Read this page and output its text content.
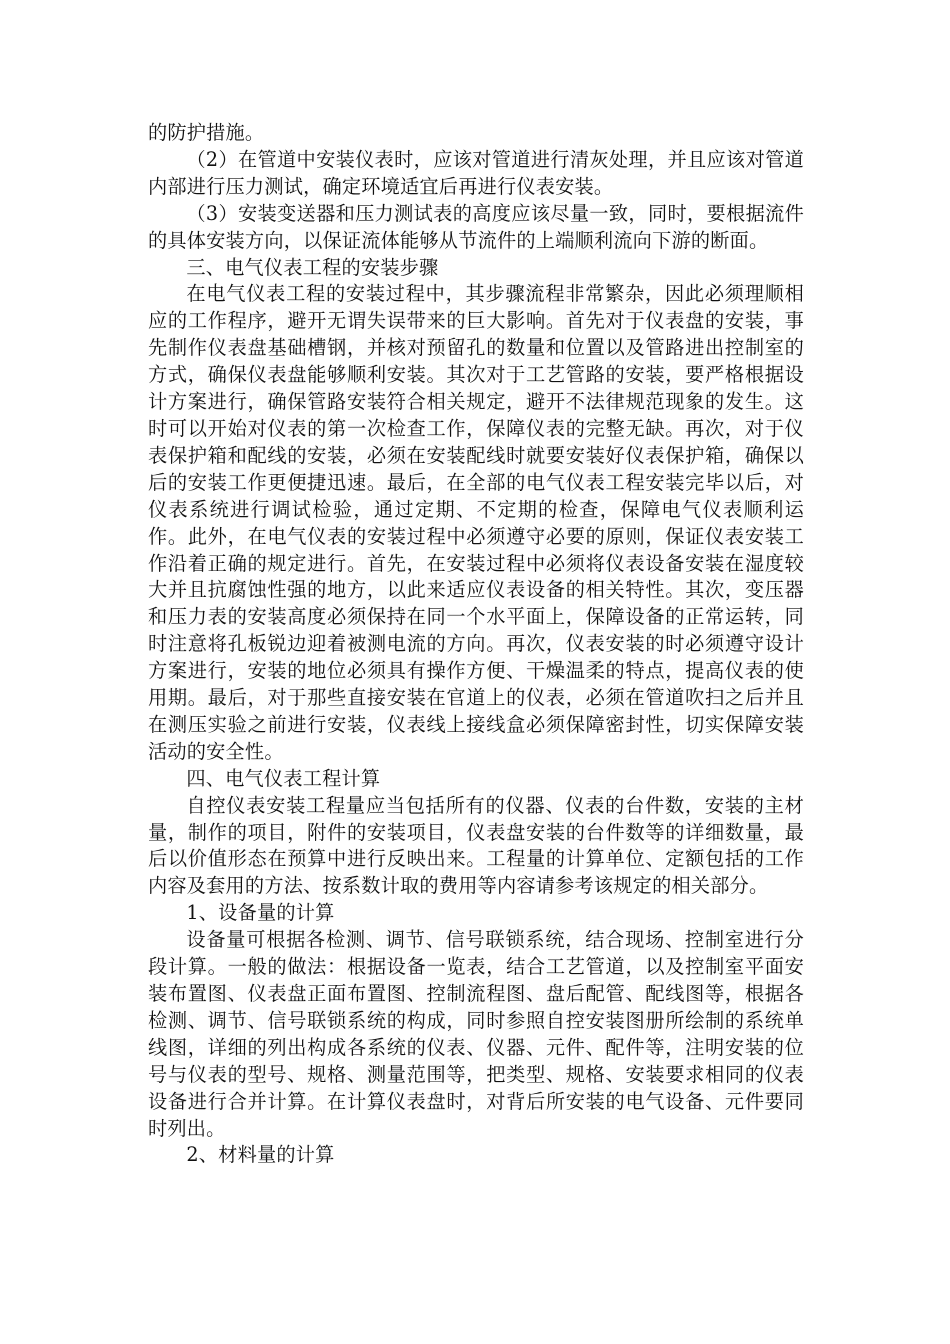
的防护措施。

（2）在管道中安装仪表时，应该对管道进行清灰处理，并且应该对管道内部进行压力测试，确定环境适宜后再进行仪表安装。

（3）安装变送器和压力测试表的高度应该尽量一致，同时，要根据流件的具体安装方向，以保证流体能够从节流件的上端顺利流向下游的断面。

三、电气仪表工程的安装步骤

在电气仪表工程的安装过程中，其步骤流程非常繁杂，因此必须理顺相应的工作程序，避开无谓失误带来的巨大影响。首先对于仪表盘的安装，事先制作仪表盘基础槽钢，并核对预留孔的数量和位置以及管路进出控制室的方式，确保仪表盘能够顺利安装。其次对于工艺管路的安装，要严格根据设计方案进行，确保管路安装符合相关规定，避开不法律规范现象的发生。这时可以开始对仪表的第一次检查工作，保障仪表的完整无缺。再次，对于仪表保护箱和配线的安装，必须在安装配线时就要安装好仪表保护箱，确保以后的安装工作更便捷迅速。最后，在全部的电气仪表工程安装完毕以后，对仪表系统进行调试检验，通过定期、不定期的检查，保障电气仪表顺利运作。此外，在电气仪表的安装过程中必须遵守必要的原则，保证仪表安装工作沿着正确的规定进行。首先，在安装过程中必须将仪表设备安装在湿度较大并且抗腐蚀性强的地方，以此来适应仪表设备的相关特性。其次，变压器和压力表的安装高度必须保持在同一个水平面上，保障设备的正常运转，同时注意将孔板锐边迎着被测电流的方向。再次，仪表安装的时必须遵守设计方案进行，安装的地位必须具有操作方便、干燥温柔的特点，提高仪表的使用期。最后，对于那些直接安装在官道上的仪表，必须在管道吹扫之后并且在测压实验之前进行安装，仪表线上接线盒必须保障密封性，切实保障安装活动的安全性。

四、电气仪表工程计算

自控仪表安装工程量应当包括所有的仪器、仪表的台件数，安装的主材量，制作的项目，附件的安装项目，仪表盘安装的台件数等的详细数量，最后以价值形态在预算中进行反映出来。工程量的计算单位、定额包括的工作内容及套用的方法、按系数计取的费用等内容请参考该规定的相关部分。

1、设备量的计算

设备量可根据各检测、调节、信号联锁系统，结合现场、控制室进行分段计算。一般的做法：根据设备一览表，结合工艺管道，以及控制室平面安装布置图、仪表盘正面布置图、控制流程图、盘后配管、配线图等，根据各检测、调节、信号联锁系统的构成，同时参照自控安装图册所绘制的系统单线图，详细的列出构成各系统的仪表、仪器、元件、配件等，注明安装的位号与仪表的型号、规格、测量范围等，把类型、规格、安装要求相同的仪表设备进行合并计算。在计算仪表盘时，对背后所安装的电气设备、元件要同时列出。

2、材料量的计算
